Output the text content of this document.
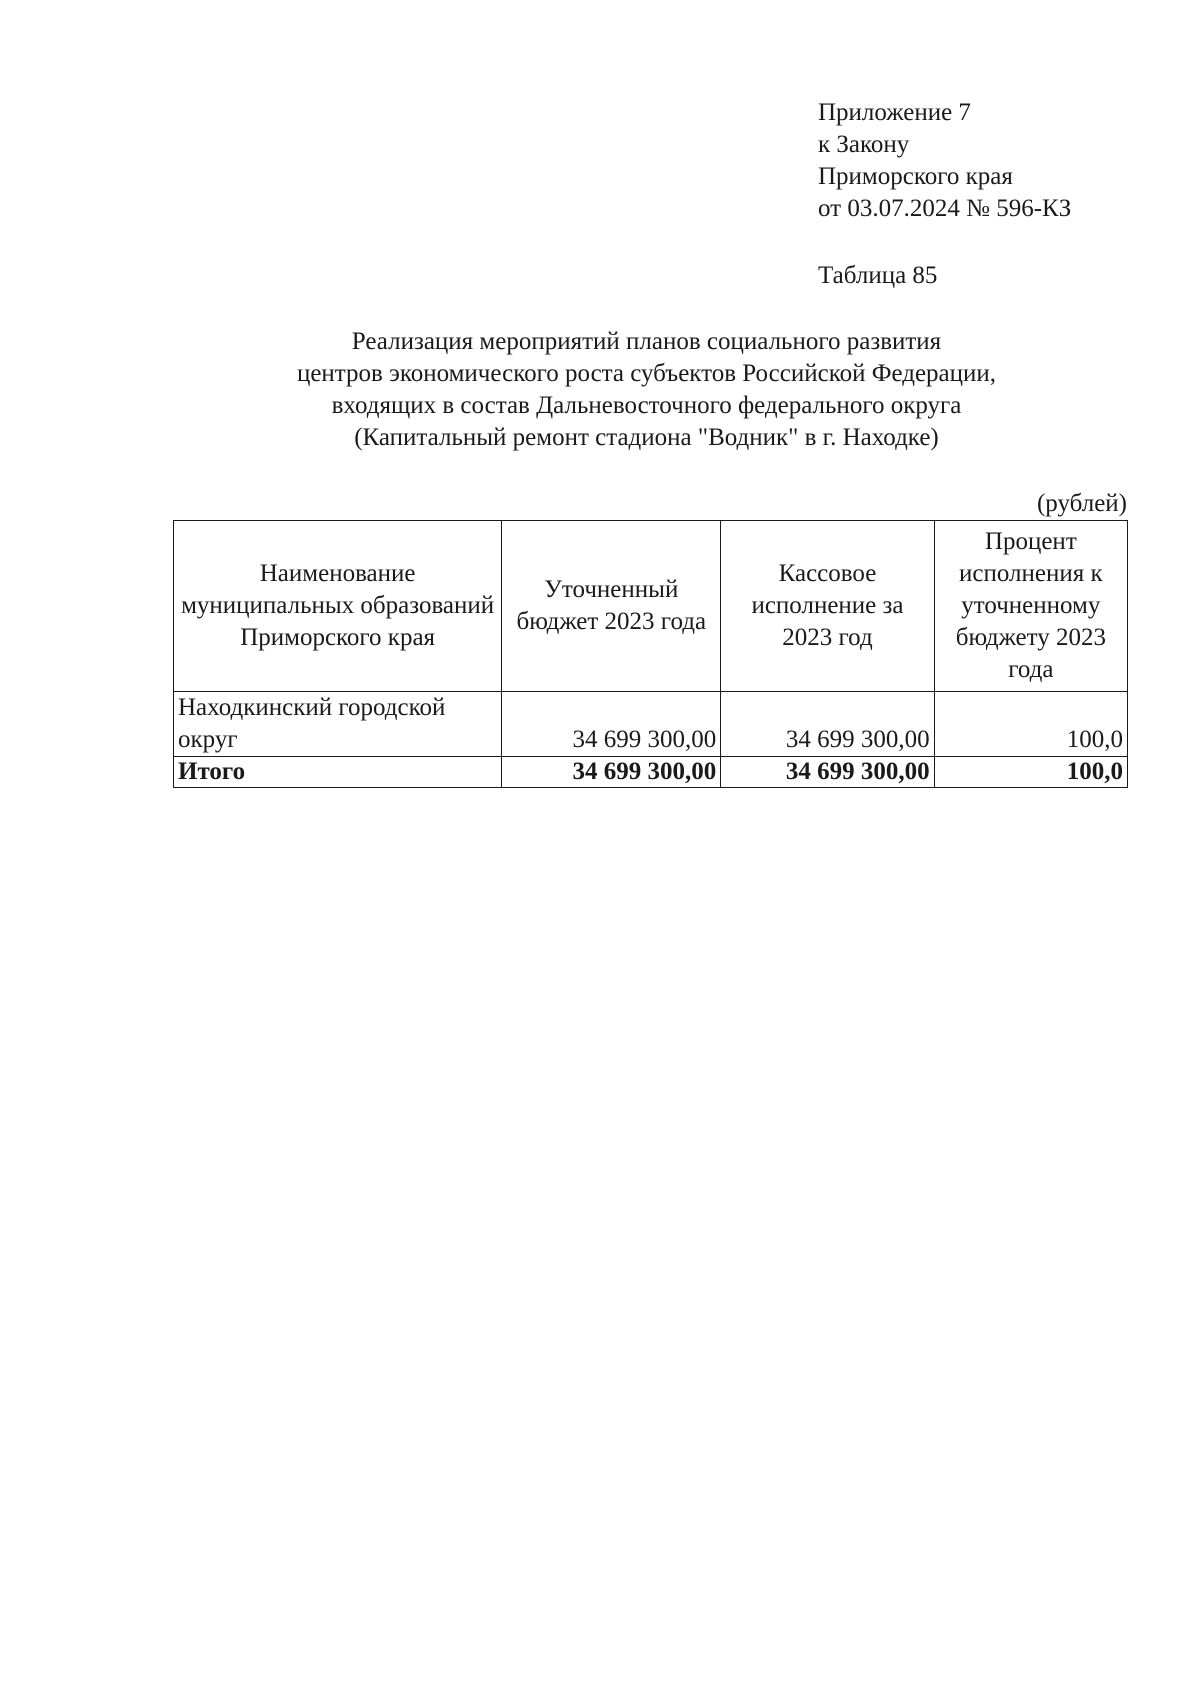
Приложение 7
к Закону
Приморского края
от 03.07.2024 № 596-КЗ
Таблица 85
Реализация мероприятий планов социального развития
центров экономического роста субъектов Российской Федерации,
входящих в состав Дальневосточного федерального округа
(Капитальный ремонт стадиона "Водник" в г. Находке)
(рублей)
Наименование муниципальных образований Приморского края	Уточненный бюджет 2023 года	Кассовое исполнение за 2023 год	Процент исполнения к уточненному бюджету 2023 года
Находкинский городской округ	34 699 300,00	34 699 300,00	100,0
Итого	34 699 300,00	34 699 300,00	100,0
